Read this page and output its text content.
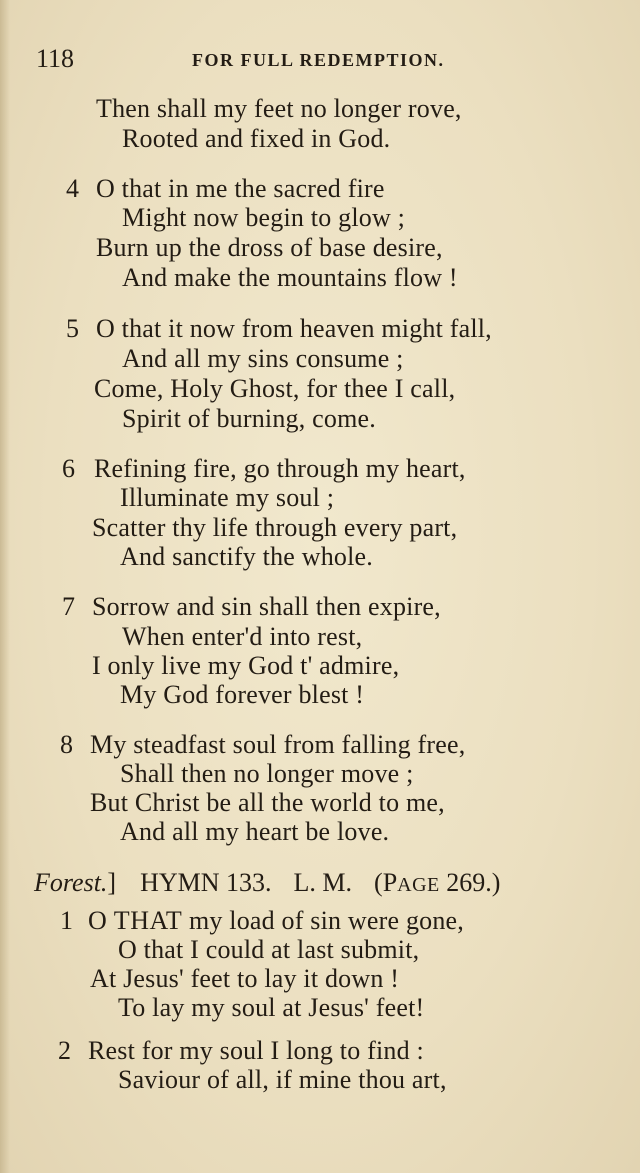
118	FOR FULL REDEMPTION.
Then shall my feet no longer rove,
Rooted and fixed in God.
4 O that in me the sacred fire
Might now begin to glow ;
Burn up the dross of base desire,
And make the mountains flow !
5 O that it now from heaven might fall,
And all my sins consume ;
Come, Holy Ghost, for thee I call,
Spirit of burning, come.
6 Refining fire, go through my heart,
Illuminate my soul ;
Scatter thy life through every part,
And sanctify the whole.
7 Sorrow and sin shall then expire,
When enter'd into rest,
I only live my God t' admire,
My God forever blest !
8 My steadfast soul from falling free,
Shall then no longer move ;
But Christ be all the world to me,
And all my heart be love.
Forest.] HYMN 133. L. M. (PAGE 269.)
1 O THAT my load of sin were gone,
O that I could at last submit,
At Jesus' feet to lay it down !
To lay my soul at Jesus' feet!
2 Rest for my soul I long to find :
Saviour of all, if mine thou art,
